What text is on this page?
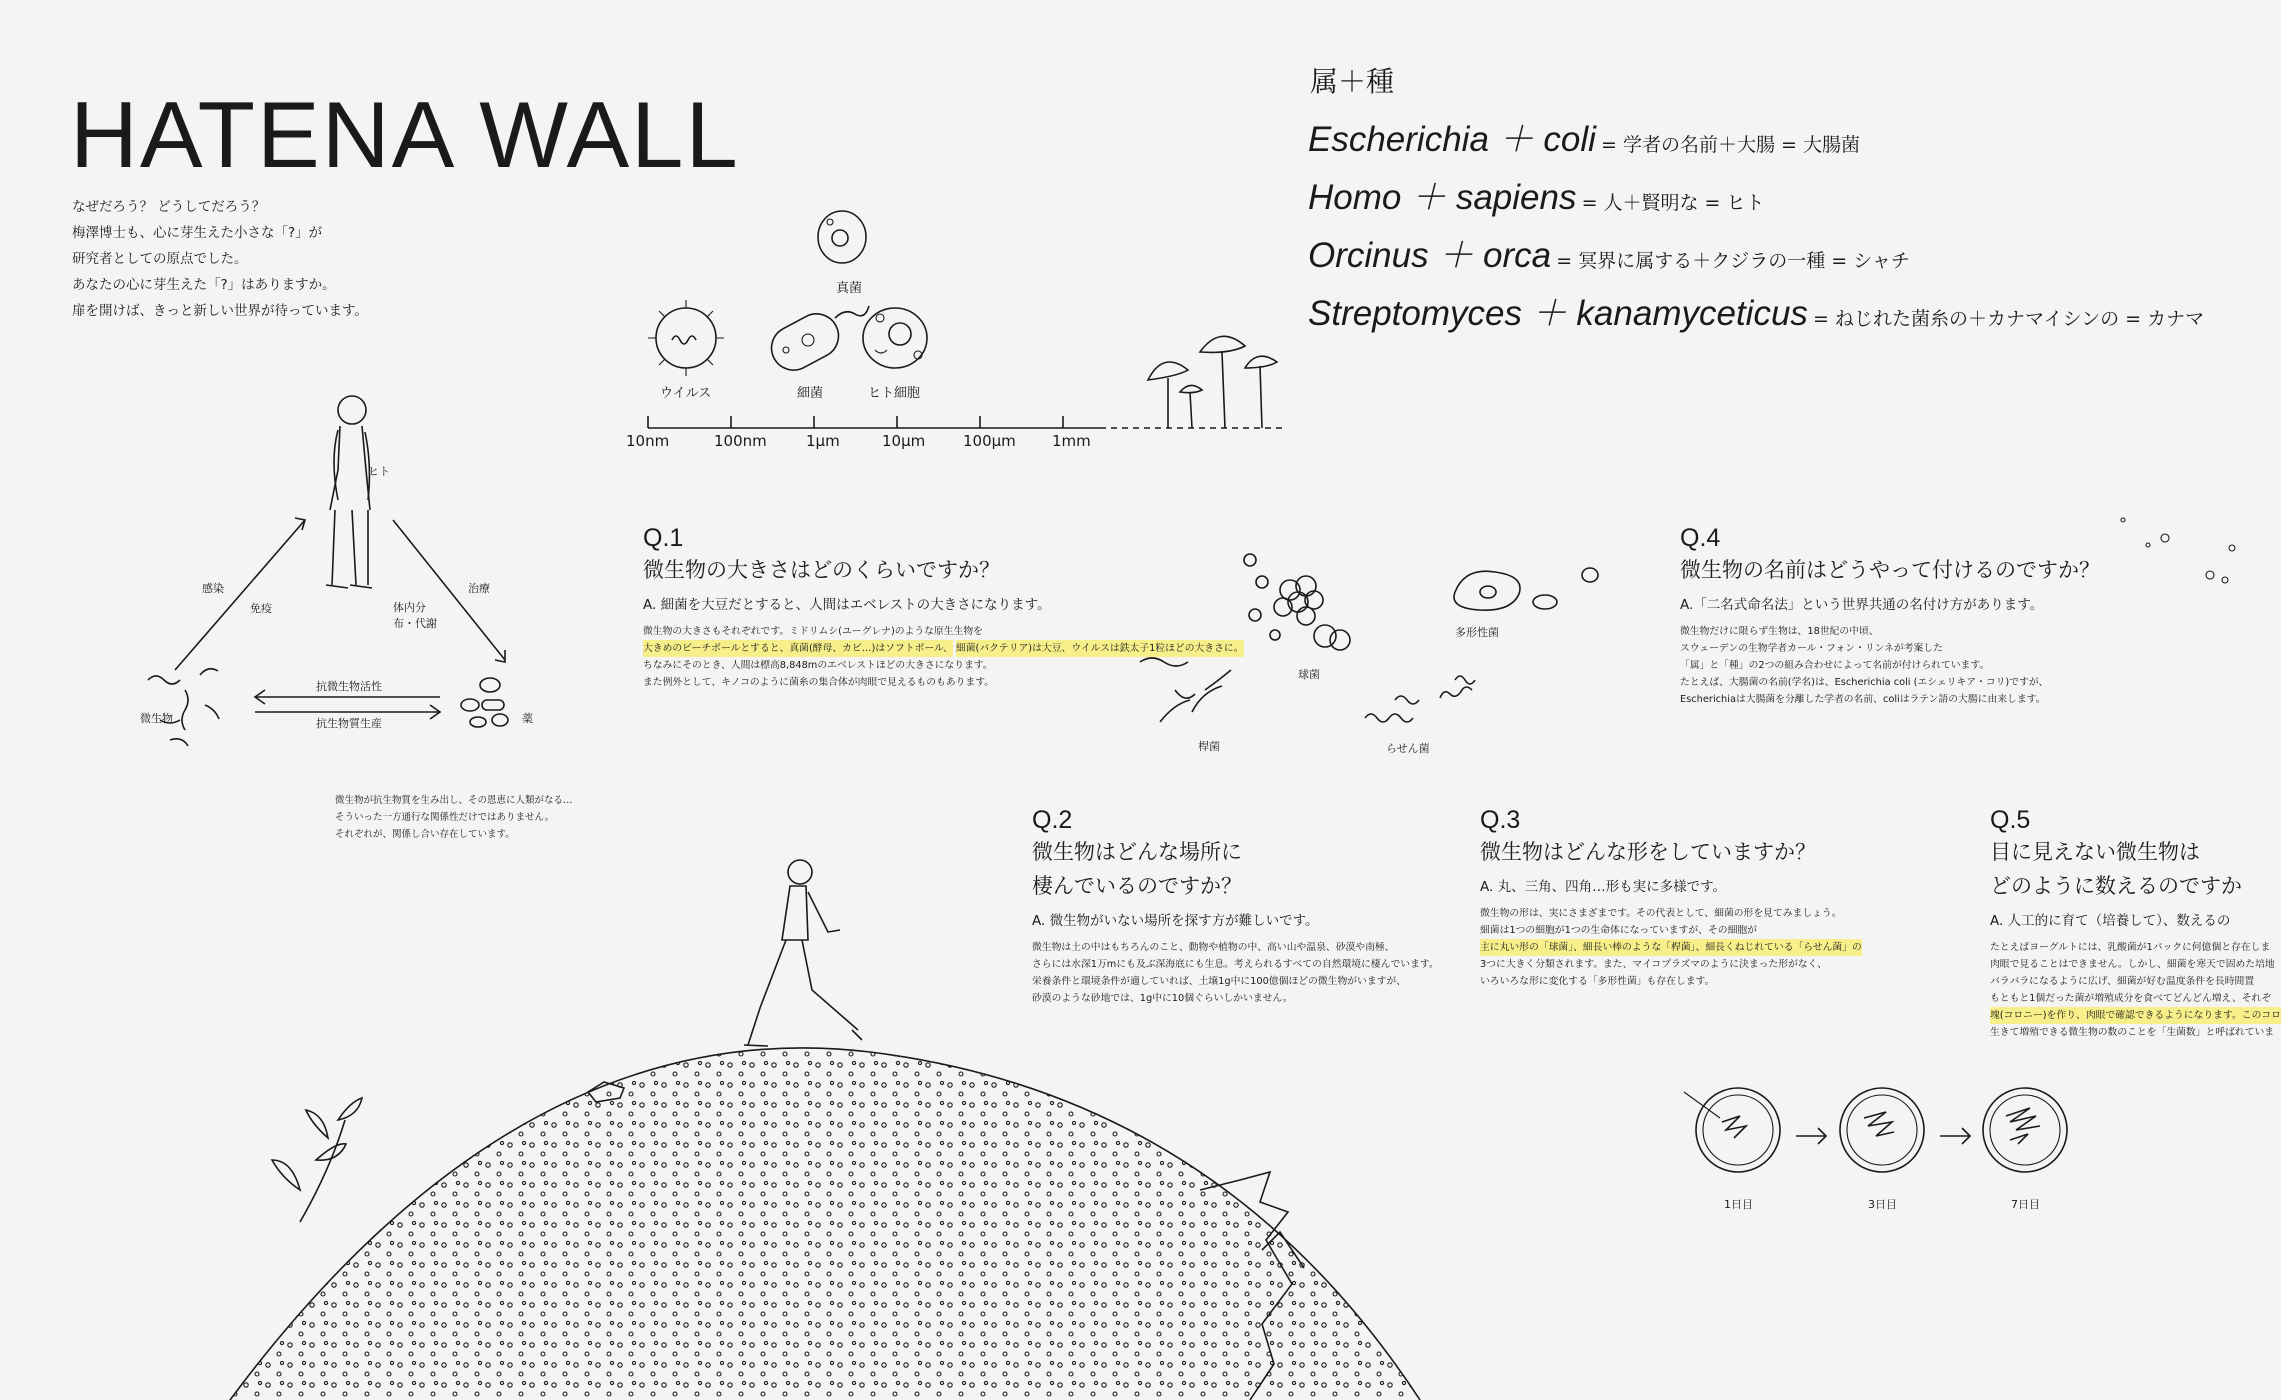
HATENA WALL
なぜだろう？ どうしてだろう？
梅澤博士も、心に芽生えた小さな「?」が
研究者としての原点でした。
あなたの心に芽生えた「?」はありますか。
扉を開けば、きっと新しい世界が待っています。
ヒト
感染
免疫	体内分布・代謝
治療
抗微生物活性
抗生物質生産
微生物	薬
微生物が抗生物質を生み出し、その恩恵に人類がなる…
そういった一方通行な関係性だけではありません。
それぞれが、関係し合い存在しています。
ウイルス	細菌	ヒト細胞
真菌
10nm	100nm	1μm	10μm	100μm 1mm
属＋種
Escherichia ＋ coli = 学者の名前＋大腸 = 大腸菌
Homo ＋ sapiens = 人＋賢明な = ヒト
Orcinus ＋ orca = 冥界に属する＋クジラの一種 = シャチ
Streptomyces ＋ kanamyceticus = ねじれた菌糸の＋カナマイシンの = カナマ
Q.1
微生物の大きさはどのくらいですか？
A. 細菌を大豆だとすると、人間はエベレストの大きさになります。
微生物の大きさもそれぞれです。ミドリムシ(ユーグレナ)のような原生生物を
大きめのビーチボールとすると、真菌(酵母、カビ…)はソフトボール、 細菌(バクテリア)は大豆、ウイルスは鉄太子1粒ほどの大きさに。
ちなみにそのとき、人間は標高8,848mのエベレストほどの大きさになります。
また例外として、キノコのように菌糸の集合体が肉眼で見えるものもあります。
球菌
桿菌	らせん菌
多形性菌
Q.4
微生物の名前はどうやって付けるのですか？
A.「二名式命名法」という世界共通の名付け方があります。
微生物だけに限らず生物は、18世紀の中頃、
スウェーデンの生物学者カール・フォン・リンネが考案した
「属」と「種」の2つの組み合わせによって名前が付けられています。
たとえば、大腸菌の名前(学名)は、Escherichia coli (エシェリキア・コリ)ですが、
Escherichiaは大腸菌を分離した学者の名前、coliはラテン語の大腸に由来します。
Q.2
微生物はどんな場所に
棲んでいるのですか？
A. 微生物がいない場所を探す方が難しいです。
微生物は土の中はもちろんのこと、動物や植物の中、高い山や温泉、砂漠や南極、
さらには水深1万mにも及ぶ深海底にも生息。考えられるすべての自然環境に棲んでいます。
栄養条件と環境条件が適していれば、土壌1g中に100億個ほどの微生物がいますが、
砂漠のような砂地では、1g中に10個ぐらいしかいません。
Q.3
微生物はどんな形をしていますか？
A. 丸、三角、四角…形も実に多様です。
微生物の形は、実にさまざまです。その代表として、細菌の形を見てみましょう。
細菌は1つの細胞が1つの生命体になっていますが、その細胞が
主に丸い形の「球菌」、細長い棒のような「桿菌」、細長くねじれている「らせん菌」の
3つに大きく分類されます。また、マイコプラズマのように決まった形がなく、
いろいろな形に変化する「多形性菌」も存在します。
Q.5
目に見えない微生物は
どのように数えるのですか
A. 人工的に育て（培養して）、数えるの
たとえばヨーグルトには、乳酸菌が1パックに何億個と存在しま
肉眼で見ることはできません。しかし、細菌を寒天で固めた培地
バラバラになるように広げ、細菌が好む温度条件を長時間置
もともと1個だった菌が増殖成分を食べてどんどん増え、それぞ
塊(コロニー)を作り、肉眼で確認できるようになります。このコロ
生きて増殖できる微生物の数のことを「生菌数」と呼ばれていま
1日目	3日目	7日目
